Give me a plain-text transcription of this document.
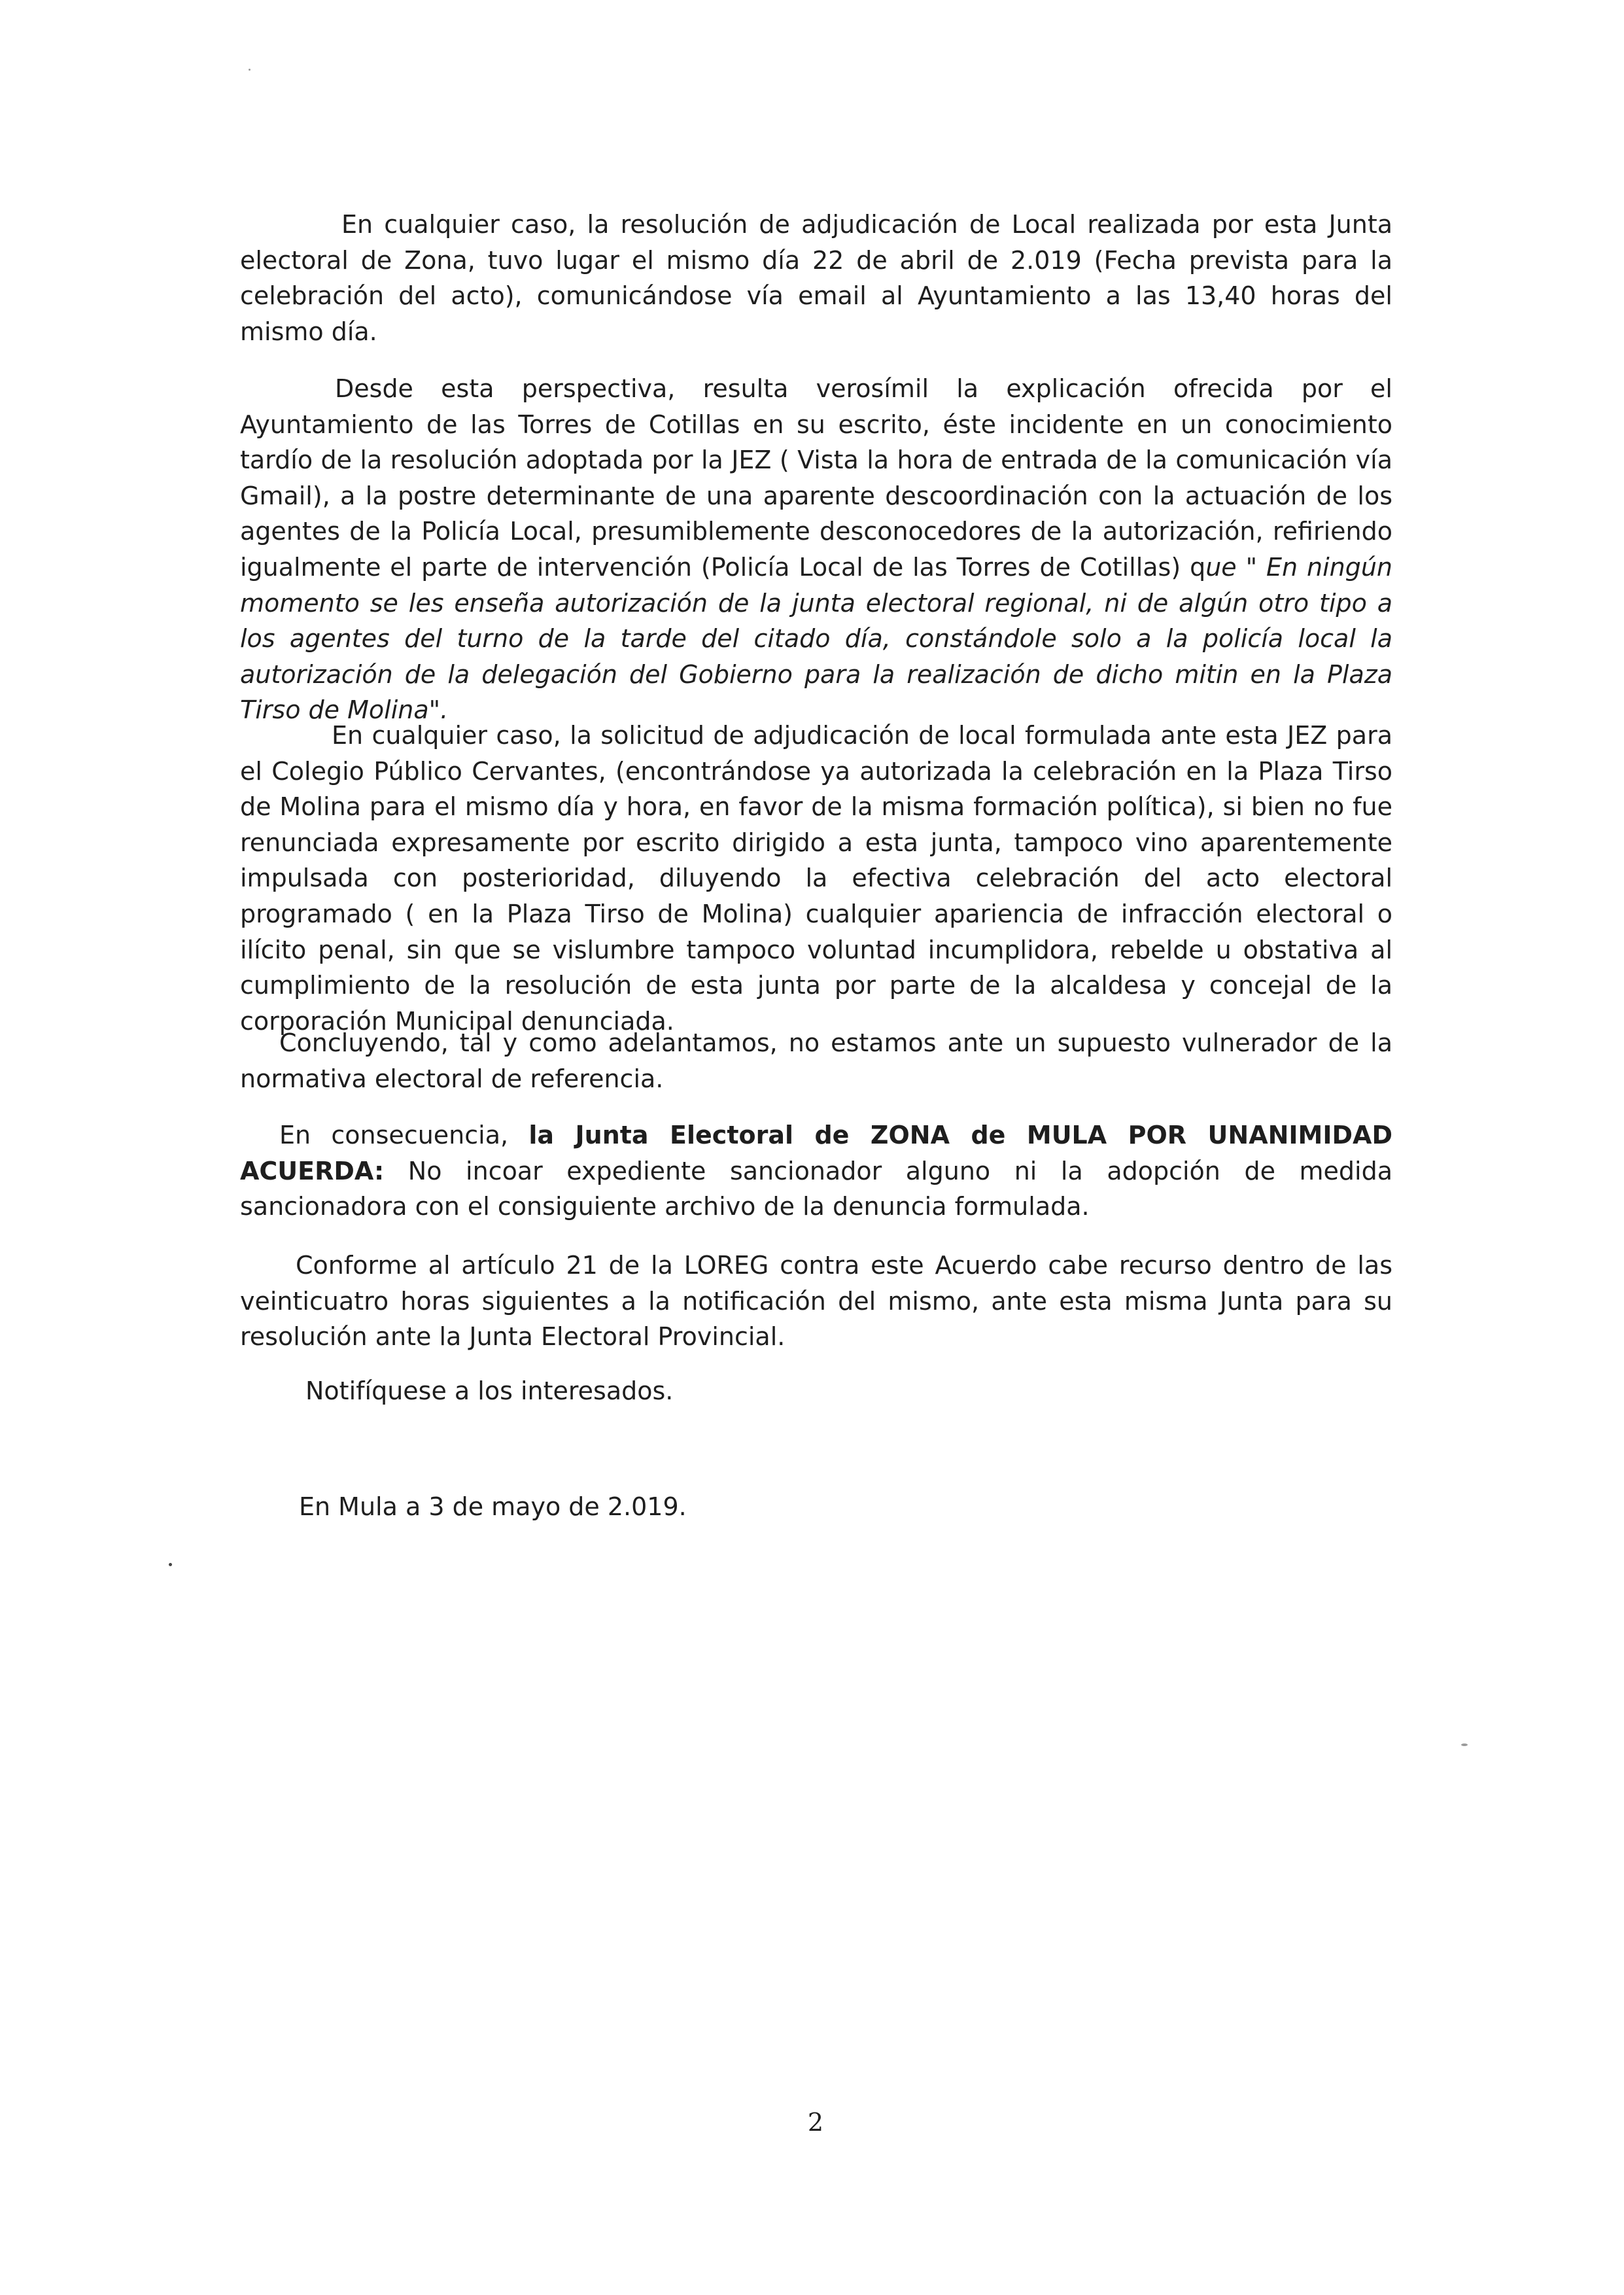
En cualquier caso, la resolución de adjudicación de Local realizada por esta Junta electoral de Zona, tuvo lugar el mismo día 22 de abril de 2.019 (Fecha prevista para la celebración del acto), comunicándose vía email al Ayuntamiento a las 13,40 horas del mismo día.

Desde esta perspectiva, resulta verosímil la explicación ofrecida por el Ayuntamiento de las Torres de Cotillas en su escrito, éste incidente en un conocimiento tardío de la resolución adoptada por la JEZ ( Vista la hora de entrada de la comunicación vía Gmail), a la postre determinante de una aparente descoordinación con la actuación de los agentes de la Policía Local, presumiblemente desconocedores de la autorización, refiriendo igualmente el parte de intervención (Policía Local de las Torres de Cotillas) que " En ningún momento se les enseña autorización de la junta electoral regional, ni de algún otro tipo a los agentes del turno de la tarde del citado día, constándole solo a la policía local la autorización de la delegación del Gobierno para la realización de dicho mitin en la Plaza Tirso de Molina".

En cualquier caso, la solicitud de adjudicación de local formulada ante esta JEZ para el Colegio Público Cervantes, (encontrándose ya autorizada la celebración en la Plaza Tirso de Molina para el mismo día y hora, en favor de la misma formación política), si bien no fue renunciada expresamente por escrito dirigido a esta junta, tampoco vino aparentemente impulsada con posterioridad, diluyendo la efectiva celebración del acto electoral programado ( en la Plaza Tirso de Molina) cualquier apariencia de infracción electoral o ilícito penal, sin que se vislumbre tampoco voluntad incumplidora, rebelde u obstativa al cumplimiento de la resolución de esta junta por parte de la alcaldesa y concejal de la corporación Municipal denunciada.

Concluyendo, tal y como adelantamos, no estamos ante un supuesto vulnerador de la normativa electoral de referencia.

En consecuencia, la Junta Electoral de ZONA de MULA POR UNANIMIDAD ACUERDA: No incoar expediente sancionador alguno ni la adopción de medida sancionadora con el consiguiente archivo de la denuncia formulada.

Conforme al artículo 21 de la LOREG contra este Acuerdo cabe recurso dentro de las veinticuatro horas siguientes a la notificación del mismo, ante esta misma Junta para su resolución ante la Junta Electoral Provincial.

Notifíquese a los interesados.

En Mula a 3 de mayo de 2.019.

2
